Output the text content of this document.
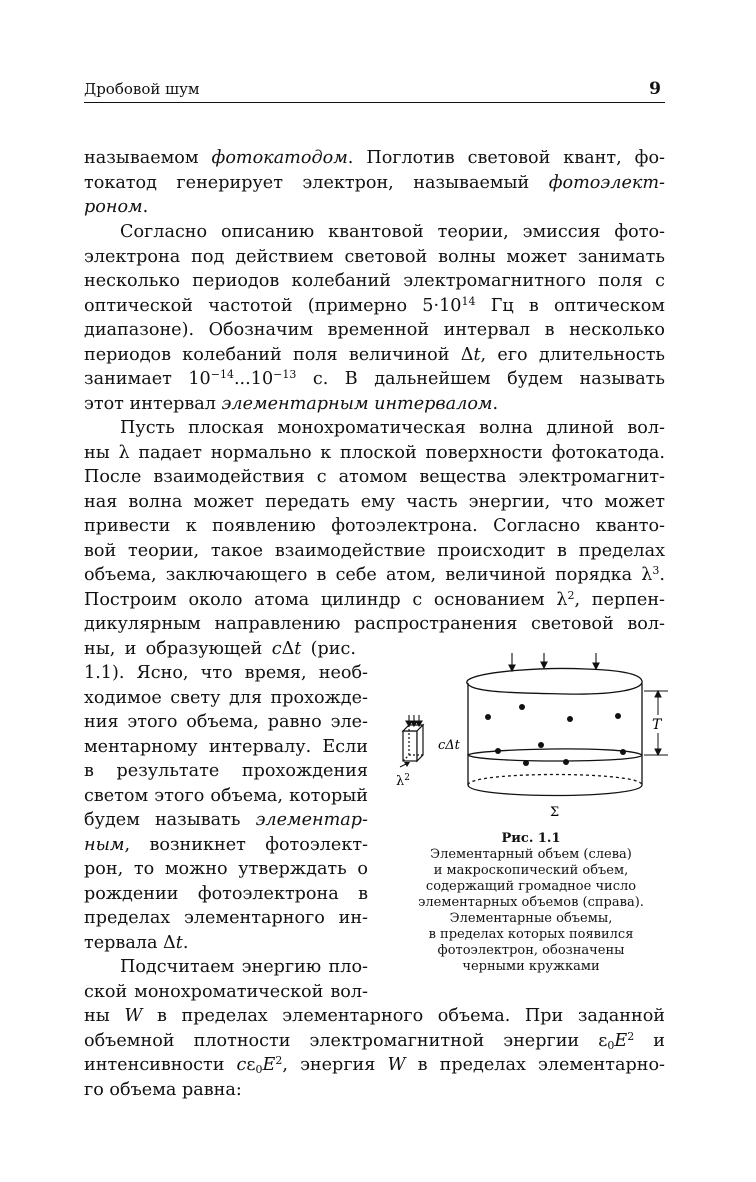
Дробовой шум	9
называемом фотокатодом. Поглотив световой квант, фо-
токатод генерирует электрон, называемый фотоэлект-
роном.
Согласно описанию квантовой теории, эмиссия фото-
электрона под действием световой волны может занимать
несколько периодов колебаний электромагнитного поля с
оптической частотой (примерно $5\cdot 10^{14}$ Гц в оптическом
диапазоне). Обозначим временной интервал в несколько
периодов колебаний поля величиной Δt, его длительность
занимает $10^{-14}...10^{-13}$ с. В дальнейшем будем называть
этот интервал элементарным интервалом.
Пусть плоская монохроматическая волна длиной вол-
ны λ падает нормально к плоской поверхности фотокатода.
После взаимодействия с атомом вещества электромагнит-
ная волна может передать ему часть энергии, что может
привести к появлению фотоэлектрона. Согласно кванто-
вой теории, такое взаимодействие происходит в пределах
объема, заключающего в себе атом, величиной порядка $\lambda^3$.
Построим около атома цилиндр с основанием $\lambda^2$, перпен-
дикулярным направлению распространения световой вол-
ны, и образующей cΔt (рис.
1.1). Ясно, что время, необ-
ходимое свету для прохожде-
ния этого объема, равно эле-
ментарному интервалу. Если
в результате прохождения
светом этого объема, который
будем называть элементар-
ным, возникнет фотоэлект-
рон, то можно утверждать о
рождении фотоэлектрона в
пределах элементарного ин-
тервала Δt.
Подсчитаем энергию пло-
ской монохроматической вол-
ны W в пределах элементарного объема. При заданной
объемной плотности электромагнитной энергии $\varepsilon_0E^2$ и
интенсивности $c\varepsilon_0E^2$, энергия W в пределах элементарно-
го объема равна:
$\lambda^2$
cΔt
T
Σ
Рис. 1.1
Элементарный объем (слева)
и макроскопический объем,
содержащий громадное число
элементарных объемов (справа).
Элементарные объемы,
в пределах которых появился
фотоэлектрон, обозначены
черными кружками
